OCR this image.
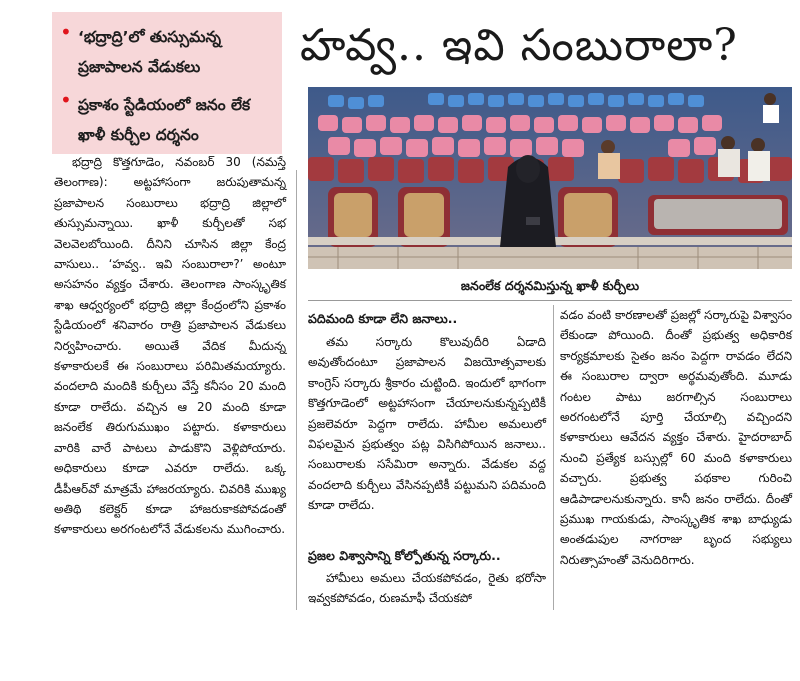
• ‘భద్రాద్రి’లో తుస్సుమన్న ప్రజాపాలన వేడుకలు
• ప్రకాశం స్టేడియంలో జనం లేక ఖాళీ కుర్చీల దర్శనం
హవ్వ.. ఇవి సంబురాలా?
జనంలేక దర్శనమిస్తున్న ఖాళీ కుర్చీలు

భద్రాద్రి కొత్తగూడెం, నవంబర్ 30 (నమస్తే తెలంగాణ): అట్టహాసంగా జరుపుతామన్న ప్రజాపాలన సంబురాలు భద్రాద్రి జిల్లాలో తుస్సుమన్నాయి. ఖాళీ కుర్చీలతో సభ వెలవెలబోయింది. దీనిని చూసిన జిల్లా కేంద్ర వాసులు.. ‘హవ్వ.. ఇవి సంబురాలా?’ అంటూ అసహనం వ్యక్తం చేశారు. తెలంగాణ సాంస్కృతిక శాఖ ఆధ్వర్యంలో భద్రాద్రి జిల్లా కేంద్రంలోని ప్రకాశం స్టేడియంలో శనివారం రాత్రి ప్రజాపాలన వేడుకలు నిర్వహించారు. అయితే వేదిక మీదున్న కళాకారులకే ఈ సంబురాలు పరిమితమయ్యారు. వందలాది మందికి కుర్చీలు వేస్తే కనీసం 20 మంది కూడా రాలేదు. వచ్చిన ఆ 20 మంది కూడా జనంలేక తిరుగుముఖం పట్టారు. కళాకారులు వారికి వారే పాటలు పాడుకొని వెళ్లిపోయారు. అధికారులు కూడా ఎవరూ రాలేదు. ఒక్క డీపీఆర్‌వో మాత్రమే హాజరయ్యారు. చివరికి ముఖ్య అతిథి కలెక్టర్ కూడా హాజరుకాకపోవడంతో కళాకారులు అరగంటలోనే వేడుకలను ముగించారు.

పదిమంది కూడా లేని జనాలు..

తమ సర్కారు కొలువుదీరి ఏడాది అవుతోందంటూ ప్రజాపాలన విజయోత్సవాలకు కాంగ్రెస్ సర్కారు శ్రీకారం చుట్టింది. ఇందులో భాగంగా కొత్తగూడెంలో అట్టహాసంగా చేయాలనుకున్నప్పటికీ ప్రజలెవరూ పెద్దగా రాలేదు. హామీల అమలులో విఫలమైన ప్రభుత్వం పట్ల విసిగిపోయిన జనాలు.. సంబురాలకు ససేమిరా అన్నారు. వేడుకల వద్ద వందలాది కుర్చీలు వేసినప్పటికీ పట్టుమని పదిమంది కూడా రాలేదు.

ప్రజల విశ్వాసాన్ని కోల్పోతున్న సర్కారు..

హామీలు అమలు చేయకపోవడం, రైతు భరోసా ఇవ్వకపోవడం, రుణమాఫీ చేయకపో

వడం వంటి కారణాలతో ప్రజల్లో సర్కారుపై విశ్వాసం లేకుండా పోయింది. దీంతో ప్రభుత్వ అధికారిక కార్యక్రమాలకు సైతం జనం పెద్దగా రావడం లేదని ఈ సంబురాల ద్వారా అర్థమవుతోంది. మూడు గంటల పాటు జరగాల్సిన సంబురాలు అరగంటలోనే పూర్తి చేయాల్సి వచ్చిందని కళాకారులు ఆవేదన వ్యక్తం చేశారు. హైదరాబాద్ నుంచి ప్రత్యేక బస్సుల్లో 60 మంది కళాకారులు వచ్చారు. ప్రభుత్వ పథకాల గురించి ఆడిపాడాలనుకున్నారు. కానీ జనం రాలేదు. దీంతో ప్రముఖ గాయకుడు, సాంస్కృతిక శాఖ బాధ్యుడు అంతడుపుల నాగరాజు బృంద సభ్యులు నిరుత్సాహంతో వెనుదిరిగారు.
